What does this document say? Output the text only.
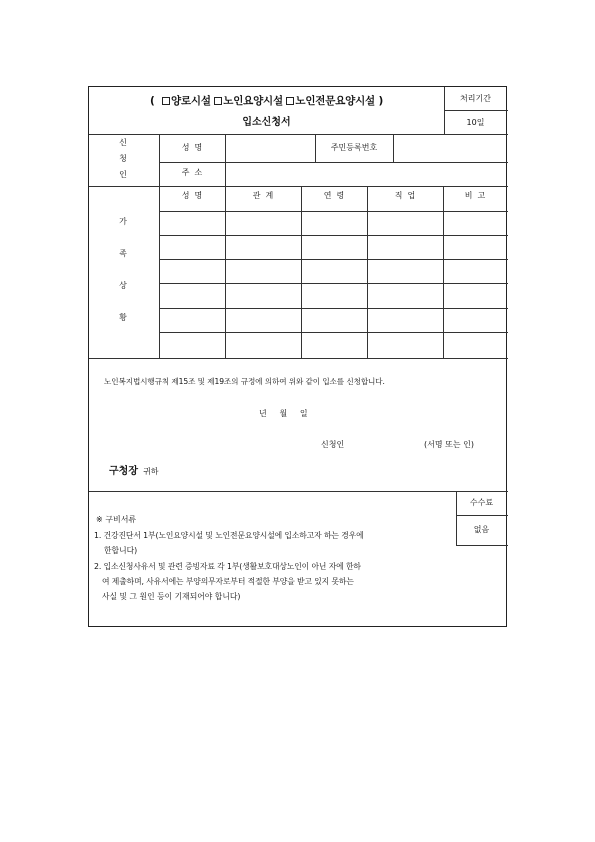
( 양로시설 노인요양시설 노인전문요양시설 )
입소신청서
처리기간
10일
신
청
인
성  명	주민등록번호
주  소
가
족
상
황
성  명	관  계	연  령	직  업	비  고
노인복지법시행규칙 제15조 및 제19조의 규정에 의하여 위와 같이 입소를 신청합니다.
년     월     일
신청인	(서명 또는 인)
구청장 귀하
수수료
없음
※ 구비서류
1. 건강진단서 1부(노인요양시설 및 노인전문요양시설에 입소하고자 하는 경우에
한합니다)
2. 입소신청사유서 및 관련 증빙자료 각 1부(생활보호대상노인이 아닌 자에 한하
여 제출하며, 사유서에는 부양의무자로부터 적절한 부양을 받고 있지 못하는
사실 및 그 원인 등이 기재되어야 합니다)
